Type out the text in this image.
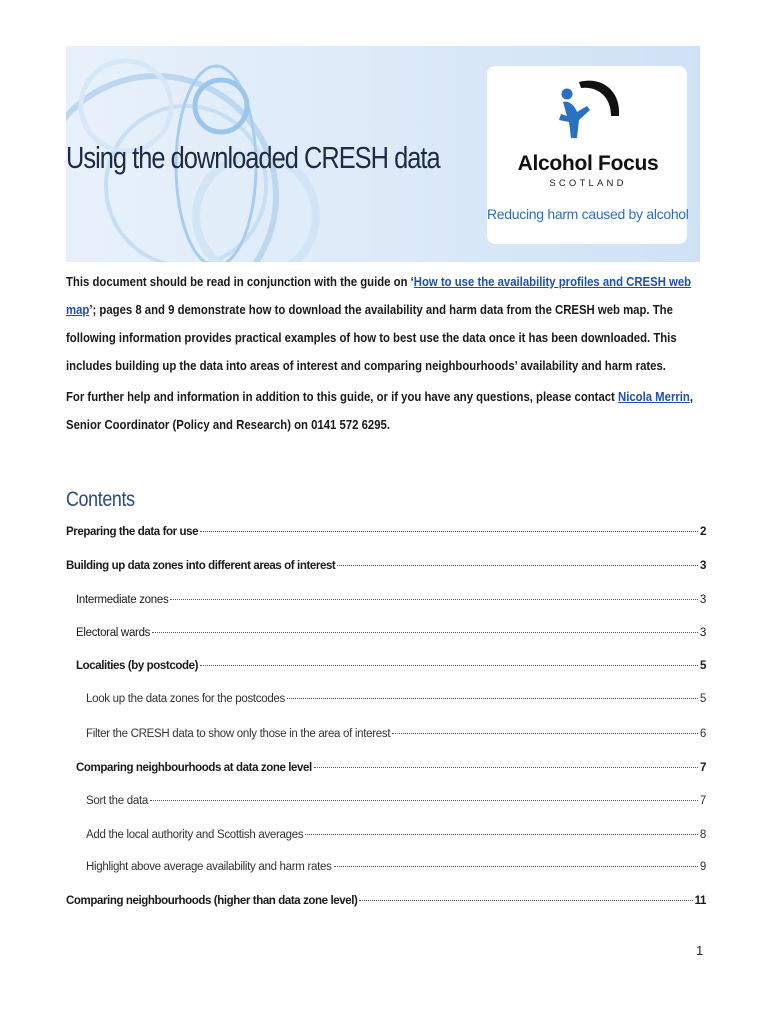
Using the downloaded CRESH data	Alcohol Focus
SCOTLAND
Reducing harm caused by alcohol

This document should be read in conjunction with the guide on ‘How to use the availability profiles and CRESH web map’; pages 8 and 9 demonstrate how to download the availability and harm data from the CRESH web map. The following information provides practical examples of how to best use the data once it has been downloaded. This includes building up the data into areas of interest and comparing neighbourhoods’ availability and harm rates.

For further help and information in addition to this guide, or if you have any questions, please contact Nicola Merrin, Senior Coordinator (Policy and Research) on 0141 572 6295.

Contents
Preparing the data for use	2
Building up data zones into different areas of interest	3
Intermediate zones	3
Electoral wards	3
Localities (by postcode)	5
Look up the data zones for the postcodes	5
Filter the CRESH data to show only those in the area of interest	6
Comparing neighbourhoods at data zone level	7
Sort the data	7
Add the local authority and Scottish averages	8
Highlight above average availability and harm rates	9
Comparing neighbourhoods (higher than data zone level)	11
1
